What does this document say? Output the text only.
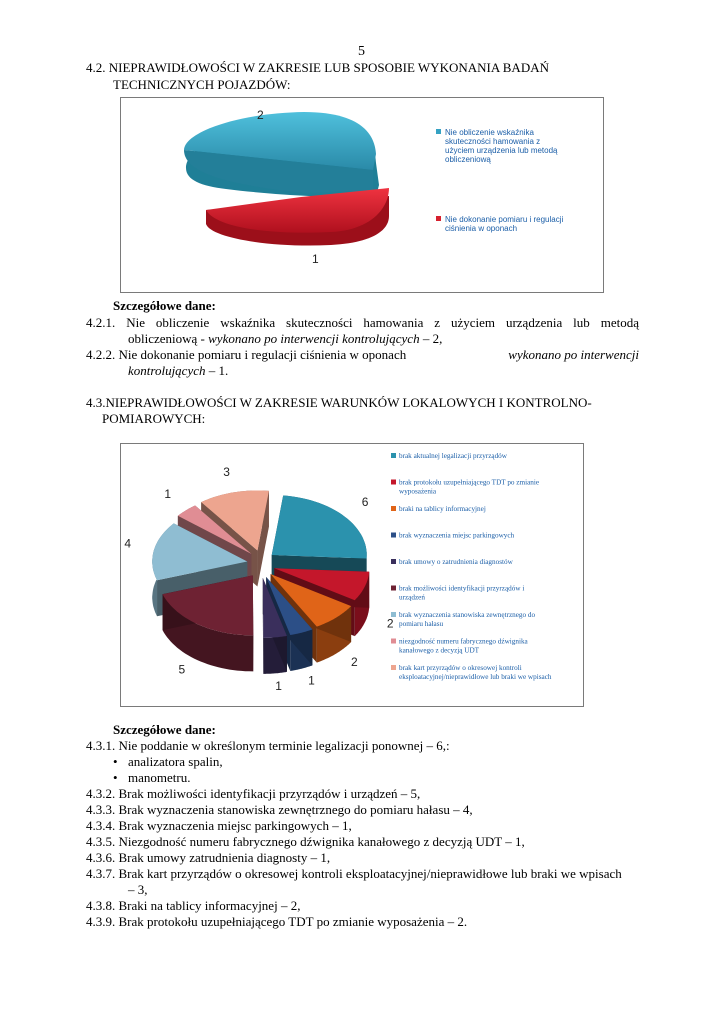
5
4.2. NIEPRAWIDŁOWOŚCI W ZAKRESIE LUB SPOSOBIE WYKONANIA BADAŃ
TECHNICZNYCH POJAZDÓW:
2
1
Nie obliczenie wskaźnika skuteczności hamowania z użyciem urządzenia lub metodą obliczeniową
Nie dokonanie pomiaru i regulacji ciśnienia w oponach
Szczegółowe dane:
4.2.1. Nie obliczenie wskaźnika skuteczności hamowania z użyciem urządzenia lub metodą
obliczeniową - wykonano po interwencji kontrolujących – 2,
4.2.2. Nie dokonanie pomiaru i regulacji ciśnienia w oponach	wykonano po interwencji
kontrolujących – 1.
4.3.NIEPRAWIDŁOWOŚCI W ZAKRESIE WARUNKÓW LOKALOWYCH I KONTROLNO-
POMIAROWYCH:
6
2
2
1
1
5
4
1
3
brak aktualnej legalizacji przyrządów
brak protokołu uzupełniającego TDT po zmianie wyposażenia
braki na tablicy informacyjnej
brak wyznaczenia miejsc parkingowych
brak umowy o zatrudnienia diagnostów
brak możliwości identyfikacji przyrządów i urządzeń
brak wyznaczenia stanowiska zewnętrznego do pomiaru hałasu
niezgodność numeru fabrycznego dźwignika kanałowego z decyzją UDT
brak kart przyrządów o okresowej kontroli eksploatacyjnej/nieprawidłowe lub braki we wpisach
Szczegółowe dane:
4.3.1. Nie poddanie w określonym terminie legalizacji ponownej – 6,:
• analizatora spalin,
• manometru.
4.3.2. Brak możliwości identyfikacji przyrządów i urządzeń – 5,
4.3.3. Brak wyznaczenia stanowiska zewnętrznego do pomiaru hałasu – 4,
4.3.4. Brak wyznaczenia miejsc parkingowych – 1,
4.3.5. Niezgodność numeru fabrycznego dźwignika kanałowego z decyzją UDT – 1,
4.3.6. Brak umowy zatrudnienia diagnosty – 1,
4.3.7. Brak kart przyrządów o okresowej kontroli eksploatacyjnej/nieprawidłowe lub braki we wpisach
– 3,
4.3.8. Braki na tablicy informacyjnej – 2,
4.3.9. Brak protokołu uzupełniającego TDT po zmianie wyposażenia – 2.
